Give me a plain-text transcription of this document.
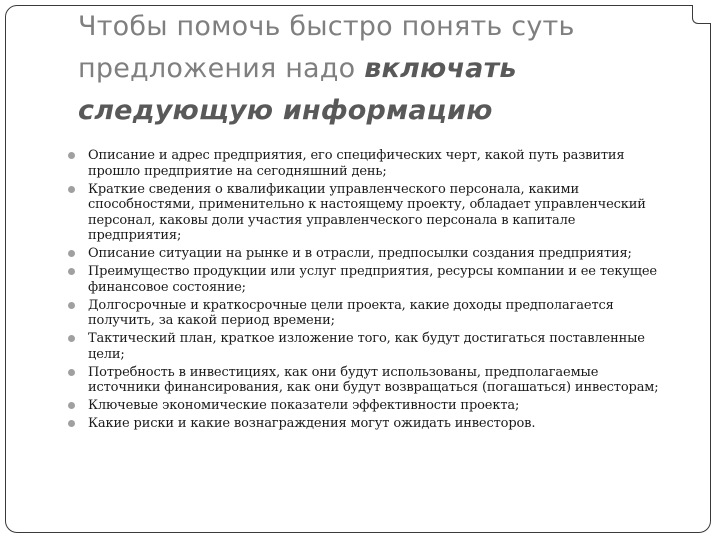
Чтобы помочь быстро понять суть
предложения надо включать
следующую информацию
Описание и адрес предприятия, его специфических черт, какой путь развития прошло предприятие на сегодняшний день;
Краткие сведения о квалификации управленческого персонала, какими способностями, применительно к настоящему проекту, обладает управленческий персонал, каковы доли участия управленческого персонала в капитале предприятия;
Описание ситуации на рынке и в отрасли, предпосылки создания предприятия;
Преимущество продукции или услуг предприятия, ресурсы компании и ее текущее финансовое состояние;
Долгосрочные и краткосрочные цели проекта, какие доходы предполагается получить, за какой период времени;
Тактический план, краткое изложение того, как будут достигаться поставленные цели;
Потребность в инвестициях, как они будут использованы, предполагаемые источники финансирования, как они будут возвращаться (погашаться) инвесторам;
Ключевые экономические показатели эффективности проекта;
Какие риски и какие вознаграждения могут ожидать инвесторов.
